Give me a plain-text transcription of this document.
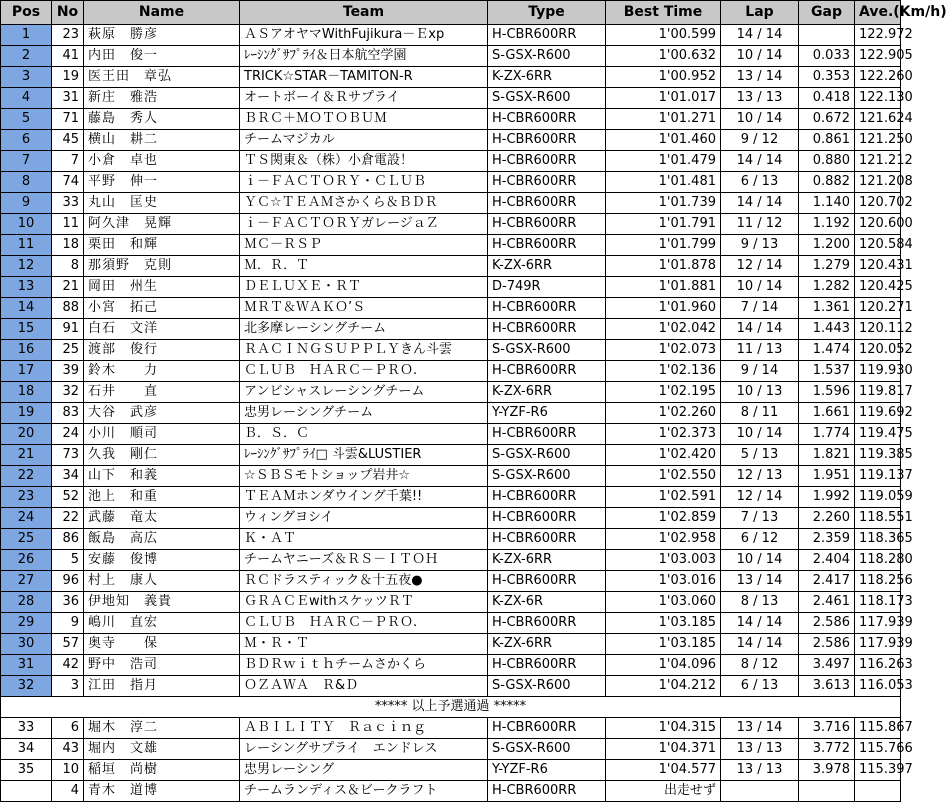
Pos	No	Name	Team	Type	Best Time	Lap	Gap	Ave.(Km/h)
1	23	萩原　勝彦	ＡＳアオヤマWithFujikura－Ｅxp	H-CBR600RR	1'00.599	14 / 14		122.972
2	41	内田　俊一	ﾚｰｼﾝｸﾞｻﾌﾟﾗｲ＆日本航空学園	S-GSX-R600	1'00.632	10 / 14	0.033	122.905
3	19	医王田　章弘	TRICK☆STAR－TAMITON-R	K-ZX-6RR	1'00.952	13 / 14	0.353	122.260
4	31	新庄　雅浩	オートボーイ＆Ｒサプライ	S-GSX-R600	1'01.017	13 / 13	0.418	122.130
5	71	藤島　秀人	ＢＲＣ＋ＭＯＴＯＢＵＭ	H-CBR600RR	1'01.271	10 / 14	0.672	121.624
6	45	横山　耕二	チームマジカル	H-CBR600RR	1'01.460	9 / 12	0.861	121.250
7	7	小倉　卓也	ＴＳ関東＆（株）小倉電設！	H-CBR600RR	1'01.479	14 / 14	0.880	121.212
8	74	平野　伸一	ｉ－ＦＡＣＴＯＲＹ・ＣＬＵＢ	H-CBR600RR	1'01.481	6 / 13	0.882	121.208
9	33	丸山　匡史	ＹＣ☆ＴＥＡＭさかくら＆ＢＤＲ	H-CBR600RR	1'01.739	14 / 14	1.140	120.702
10	11	阿久津　晃輝	ｉ－ＦＡＣＴＯＲＹガレージａＺ	H-CBR600RR	1'01.791	11 / 12	1.192	120.600
11	18	栗田　和輝	ＭＣ－ＲＳＰ	H-CBR600RR	1'01.799	9 / 13	1.200	120.584
12	8	那須野　克則	Ｍ．Ｒ．Ｔ	K-ZX-6RR	1'01.878	12 / 14	1.279	120.431
13	21	岡田　州生	ＤＥＬＵＸＥ・ＲＴ	D-749R	1'01.881	10 / 14	1.282	120.425
14	88	小宮　拓己	ＭＲＴ＆ＷＡＫＯ’Ｓ	H-CBR600RR	1'01.960	7 / 14	1.361	120.271
15	91	白石　文洋	北多摩レーシングチーム	H-CBR600RR	1'02.042	14 / 14	1.443	120.112
16	25	渡部　俊行	ＲＡＣＩＮＧＳＵＰＰＬＹきん斗雲	S-GSX-R600	1'02.073	11 / 13	1.474	120.052
17	39	鈴木　　力	ＣＬＵＢ　ＨＡＲＣ－ＰＲＯ.	H-CBR600RR	1'02.136	9 / 14	1.537	119.930
18	32	石井　　直	アンビシャスレーシングチーム	K-ZX-6RR	1'02.195	10 / 13	1.596	119.817
19	83	大谷　武彦	忠男レーシングチーム	Y-YZF-R6	1'02.260	8 / 11	1.661	119.692
20	24	小川　順司	Ｂ．Ｓ．Ｃ	H-CBR600RR	1'02.373	10 / 14	1.774	119.475
21	73	久我　剛仁	ﾚｰｼﾝｸﾞｻﾌﾟﾗｲ□ 斗雲&LUSTIER	S-GSX-R600	1'02.420	5 / 13	1.821	119.385
22	34	山下　和義	☆ＳＢＳモトショップ岩井☆	S-GSX-R600	1'02.550	12 / 13	1.951	119.137
23	52	池上　和重	ＴＥＡＭホンダウイング千葉!!	H-CBR600RR	1'02.591	12 / 14	1.992	119.059
24	22	武藤　竜太	ウィングヨシイ	H-CBR600RR	1'02.859	7 / 13	2.260	118.551
25	86	飯島　高広	Ｋ・ＡＴ	H-CBR600RR	1'02.958	6 / 12	2.359	118.365
26	5	安藤　俊博	チームヤニーズ＆ＲＳ－ＩＴＯＨ	K-ZX-6RR	1'03.003	10 / 14	2.404	118.280
27	96	村上　康人	ＲＣドラスティック＆十五夜●	H-CBR600RR	1'03.016	13 / 14	2.417	118.256
28	36	伊地知　義貴	ＧＲＡＣＥwithスケッツＲＴ	K-ZX-6R	1'03.060	8 / 13	2.461	118.173
29	9	嶋川　直宏	ＣＬＵＢ　ＨＡＲＣ－ＰＲＯ.	H-CBR600RR	1'03.185	14 / 14	2.586	117.939
30	57	奥寺　　保	Ｍ・Ｒ・Ｔ	K-ZX-6RR	1'03.185	14 / 14	2.586	117.939
31	42	野中　浩司	ＢＤＲｗｉｔｈチームさかくら	H-CBR600RR	1'04.096	8 / 12	3.497	116.263
32	3	江田　指月	ＯＺＡＷＡ　Ｒ&Ｄ	S-GSX-R600	1'04.212	6 / 13	3.613	116.053
***** 以上予選通過 *****								
33	6	堀木　淳二	ＡＢＩＬＩＴＹ　Ｒａｃｉｎｇ	H-CBR600RR	1'04.315	13 / 14	3.716	115.867
34	43	堀内　文雄	レーシングサプライ　エンドレス	S-GSX-R600	1'04.371	13 / 13	3.772	115.766
35	10	稲垣　尚樹	忠男レーシング	Y-YZF-R6	1'04.577	13 / 13	3.978	115.397
	4	青木　道博	チームランディス＆ビークラフト	H-CBR600RR	出走せず			
